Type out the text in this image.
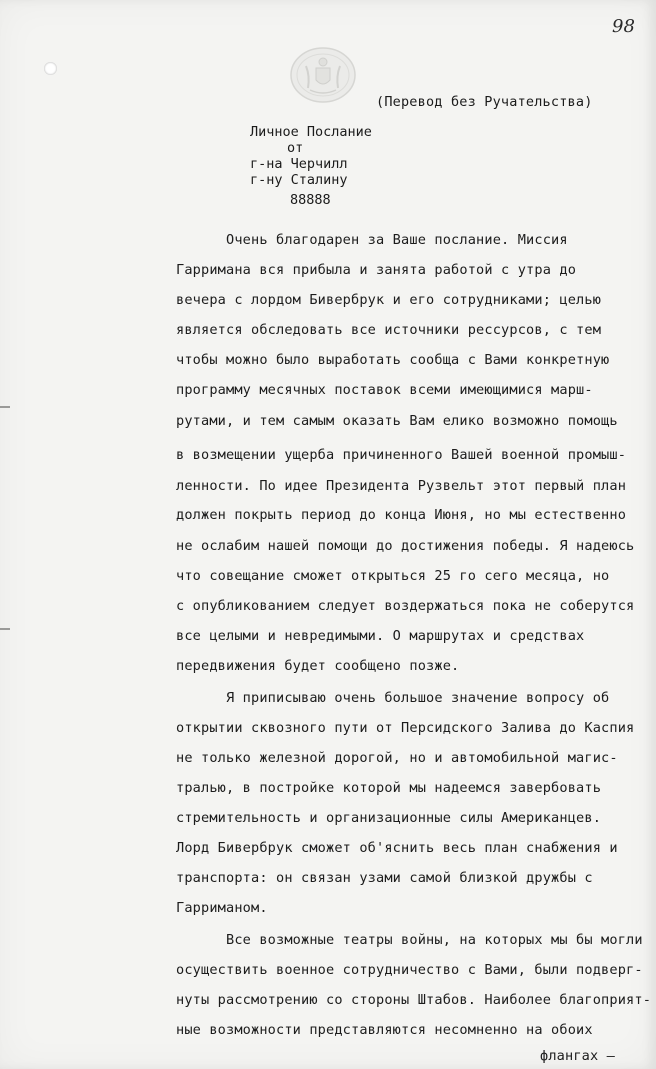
98
(Перевод без Ручательства)
Личное Послание
от
г-на Черчилл
г-ну Сталину
88888
Очень благодарен за Ваше послание. Миссия
Гарримана вся прибыла и занята работой с утра до
вечера с лордом Бивербрук и его сотрудниками; целью
является обследовать все источники рессурсов, с тем
чтобы можно было выработать сообща с Вами конкретную
программу месячных поставок всеми имеющимися марш-
рутами, и тем самым оказать Вам елико возможно помощь
в возмещении ущерба причиненного Вашей военной промыш-
ленности. По идее Президента Рузвельт этот первый план
должен покрыть период до конца Июня, но мы естественно
не ослабим нашей помощи до достижения победы. Я надеюсь
что совещание сможет открыться 25 го сего месяца, но
с опубликованием следует воздержаться пока не соберутся
все целыми и невредимыми. О маршрутах и средствах
передвижения будет сообщено позже.
Я приписываю очень большое значение вопросу об
открытии сквозного пути от Персидского Залива до Каспия
не только железной дорогой, но и автомобильной магис-
тралью, в постройке которой мы надеемся завербовать
стремительность и организационные силы Американцев.
Лорд Бивербрук сможет об'яснить весь план снабжения и
транспорта: он связан узами самой близкой дружбы с
Гарриманом.
Все возможные театры войны, на которых мы бы могли
осуществить военное сотрудничество с Вами, были подверг-
нуты рассмотрению со стороны Штабов. Наиболее благоприят-
ные возможности представляются несомненно на обоих
флангах —
